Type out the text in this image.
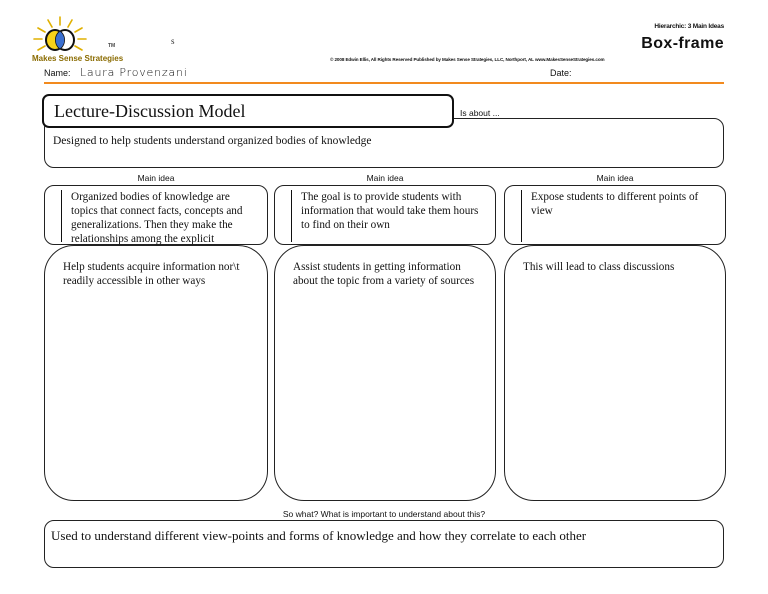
Makes Sense Strategies
TM	s
Hierarchic: 3 Main Ideas
Box-frame
© 2008 Edwin Ellis, All Rights Reserved Published by Makes Sense Strategies, LLC, Northport, AL www.MakesSenseStrategies.com
Name: Laura Provenzani	Date:
Lecture-Discussion Model	Is about ...
Designed to help students understand organized bodies of knowledge
Main idea
Organized bodies of knowledge are topics that connect facts, concepts and generalizations. Then they make the relationships among the explicit
Help students acquire information nor\t readily accessible in other ways
Main idea
The goal is to provide students with information that would take them hours to find on their own
Assist students in getting information about the topic from a variety of sources
Main idea
Expose students to different points of view
This will lead to class discussions
So what? What is important to understand about this?
Used to understand different view-points and forms of knowledge and how they correlate to each other
